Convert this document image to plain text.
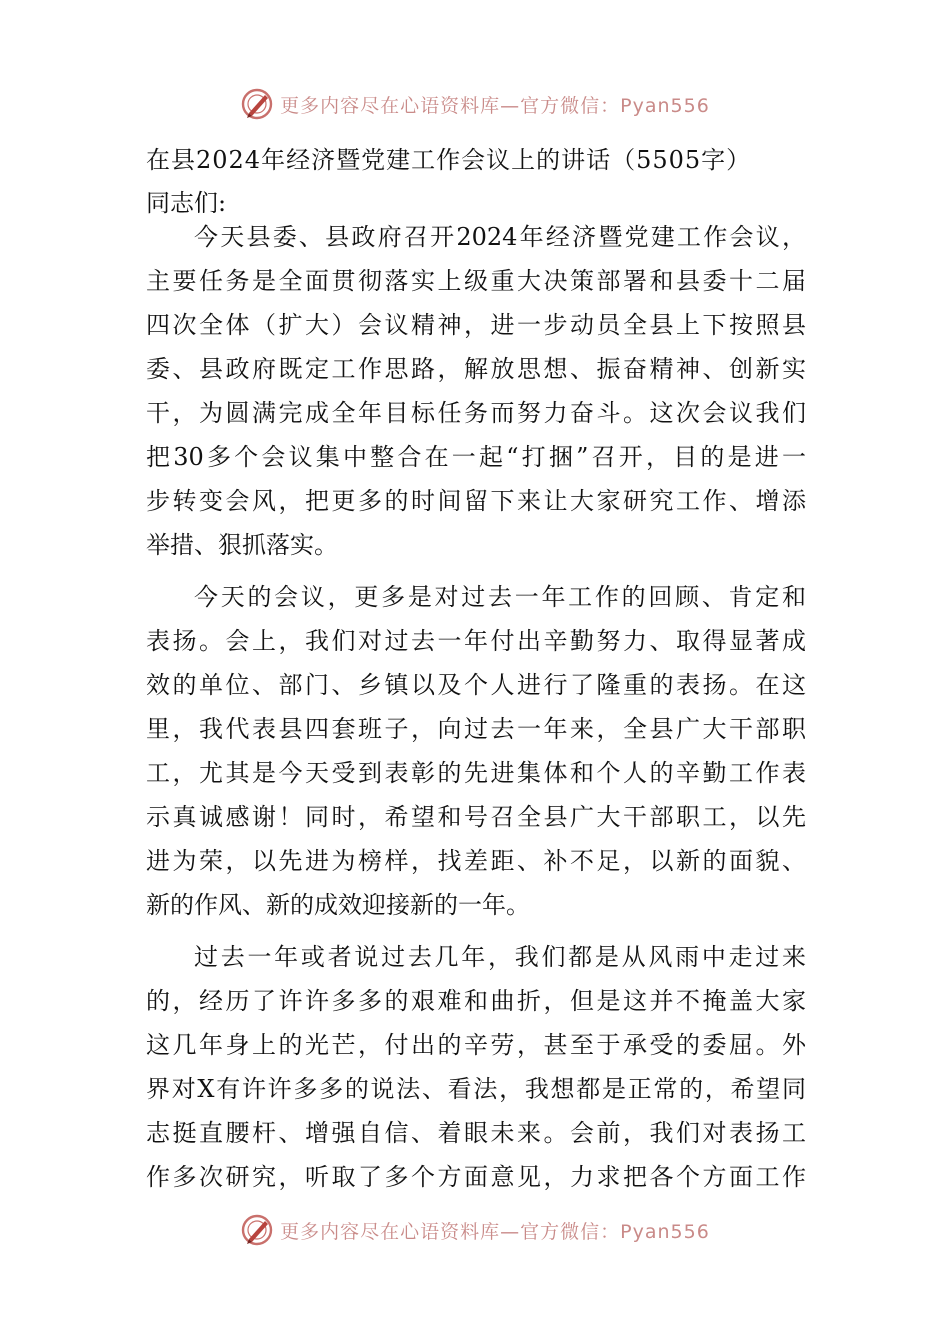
更多内容尽在心语资料库—官方微信：Pyan556
在县2024年经济暨党建工作会议上的讲话（5505字）
同志们:
今天县委、县政府召开2024年经济暨党建工作会议，
主要任务是全面贯彻落实上级重大决策部署和县委十二届
四次全体（扩大）会议精神，进一步动员全县上下按照县
委、县政府既定工作思路，解放思想、振奋精神、创新实
干，为圆满完成全年目标任务而努力奋斗。这次会议我们
把30多个会议集中整合在一起“打捆”召开，目的是进一
步转变会风，把更多的时间留下来让大家研究工作、增添
举措、狠抓落实。
今天的会议，更多是对过去一年工作的回顾、肯定和
表扬。会上，我们对过去一年付出辛勤努力、取得显著成
效的单位、部门、乡镇以及个人进行了隆重的表扬。在这
里，我代表县四套班子，向过去一年来，全县广大干部职
工，尤其是今天受到表彰的先进集体和个人的辛勤工作表
示真诚感谢！同时，希望和号召全县广大干部职工，以先
进为荣，以先进为榜样，找差距、补不足，以新的面貌、
新的作风、新的成效迎接新的一年。
过去一年或者说过去几年，我们都是从风雨中走过来
的，经历了许许多多的艰难和曲折，但是这并不掩盖大家
这几年身上的光芒，付出的辛劳，甚至于承受的委屈。外
界对X有许许多多的说法、看法，我想都是正常的，希望同
志挺直腰杆、增强自信、着眼未来。会前，我们对表扬工
作多次研究，听取了多个方面意见，力求把各个方面工作
更多内容尽在心语资料库—官方微信：Pyan556
